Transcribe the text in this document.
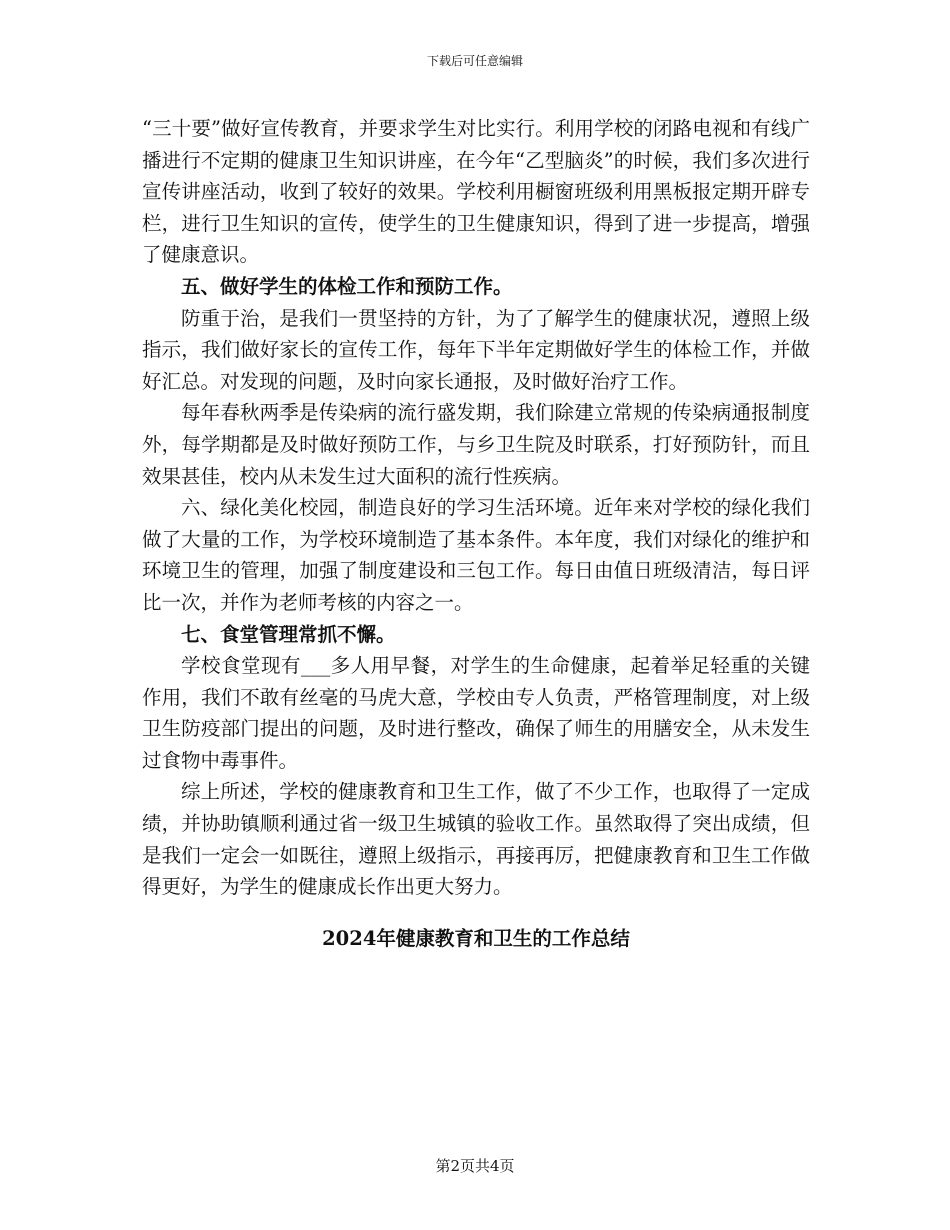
下载后可任意编辑

“三十要”做好宣传教育，并要求学生对比实行。利用学校的闭路电视和有线广播进行不定期的健康卫生知识讲座，在今年“乙型脑炎”的时候，我们多次进行宣传讲座活动，收到了较好的效果。学校利用橱窗班级利用黑板报定期开辟专栏，进行卫生知识的宣传，使学生的卫生健康知识，得到了进一步提高，增强了健康意识。

五、做好学生的体检工作和预防工作。

防重于治，是我们一贯坚持的方针，为了了解学生的健康状况，遵照上级指示，我们做好家长的宣传工作，每年下半年定期做好学生的体检工作，并做好汇总。对发现的问题，及时向家长通报，及时做好治疗工作。

每年春秋两季是传染病的流行盛发期，我们除建立常规的传染病通报制度外，每学期都是及时做好预防工作，与乡卫生院及时联系，打好预防针，而且效果甚佳，校内从未发生过大面积的流行性疾病。

六、绿化美化校园，制造良好的学习生活环境。近年来对学校的绿化我们做了大量的工作，为学校环境制造了基本条件。本年度，我们对绿化的维护和环境卫生的管理，加强了制度建设和三包工作。每日由值日班级清洁，每日评比一次，并作为老师考核的内容之一。

七、食堂管理常抓不懈。

学校食堂现有___多人用早餐，对学生的生命健康，起着举足轻重的关键作用，我们不敢有丝毫的马虎大意，学校由专人负责，严格管理制度，对上级卫生防疫部门提出的问题，及时进行整改，确保了师生的用膳安全，从未发生过食物中毒事件。

综上所述，学校的健康教育和卫生工作，做了不少工作，也取得了一定成绩，并协助镇顺利通过省一级卫生城镇的验收工作。虽然取得了突出成绩，但是我们一定会一如既往，遵照上级指示，再接再厉，把健康教育和卫生工作做得更好，为学生的健康成长作出更大努力。

2024年健康教育和卫生的工作总结

第2页共4页
